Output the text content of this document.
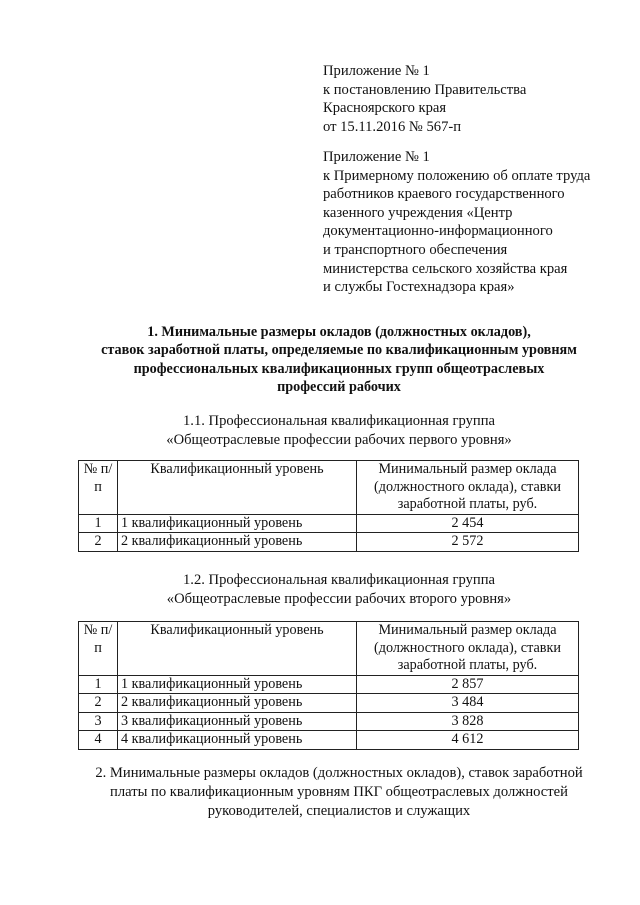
Приложение № 1
к постановлению Правительства
Красноярского края
от 15.11.2016 № 567-п
Приложение № 1
к Примерному положению об оплате труда
работников краевого государственного
казенного учреждения «Центр
документационно-информационного
и транспортного обеспечения
министерства сельского хозяйства края
и службы Гостехнадзора края»
1. Минимальные размеры окладов (должностных окладов),
ставок заработной платы, определяемые по квалификационным уровням
профессиональных квалификационных групп общеотраслевых
профессий рабочих
1.1. Профессиональная квалификационная группа
«Общеотраслевые профессии рабочих первого уровня»
№ п/п	Квалификационный уровень	Минимальный размер оклада (должностного оклада), ставки заработной платы, руб.
1	1 квалификационный уровень	2 454
2	2 квалификационный уровень	2 572
1.2. Профессиональная квалификационная группа
«Общеотраслевые профессии рабочих второго уровня»
№ п/п	Квалификационный уровень	Минимальный размер оклада (должностного оклада), ставки заработной платы, руб.
1	1 квалификационный уровень	2 857
2	2 квалификационный уровень	3 484
3	3 квалификационный уровень	3 828
4	4 квалификационный уровень	4 612
2. Минимальные размеры окладов (должностных окладов), ставок заработной
платы по квалификационным уровням ПКГ общеотраслевых должностей
руководителей, специалистов и служащих
